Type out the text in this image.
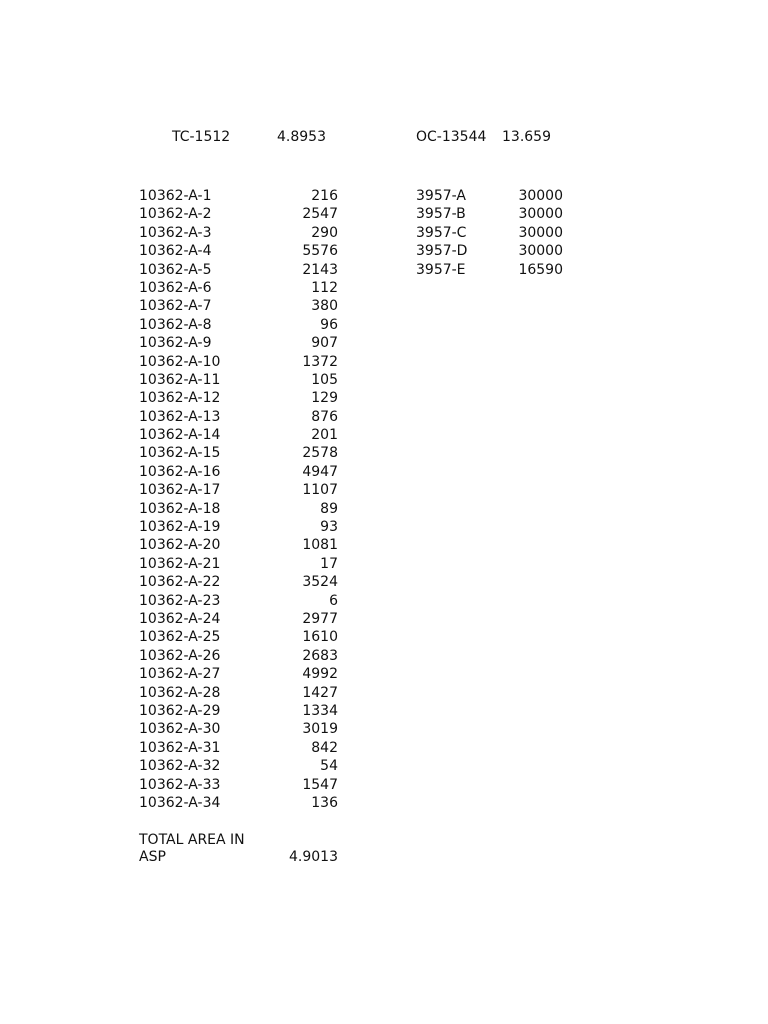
TC-1512	4.8953	OC-13544 13.659
10362-A-1	216
10362-A-2	2547
10362-A-3	290
10362-A-4	5576
10362-A-5	2143
10362-A-6	112
10362-A-7	380
10362-A-8	96
10362-A-9	907
10362-A-10	1372
10362-A-11	105
10362-A-12	129
10362-A-13	876
10362-A-14	201
10362-A-15	2578
10362-A-16	4947
10362-A-17	1107
10362-A-18	89
10362-A-19	93
10362-A-20	1081
10362-A-21	17
10362-A-22	3524
10362-A-23	6
10362-A-24	2977
10362-A-25	1610
10362-A-26	2683
10362-A-27	4992
10362-A-28	1427
10362-A-29	1334
10362-A-30	3019
10362-A-31	842
10362-A-32	54
10362-A-33	1547
10362-A-34	136
3957-A	30000
3957-B	30000
3957-C	30000
3957-D	30000
3957-E	16590
TOTAL AREA IN
ASP	4.9013
